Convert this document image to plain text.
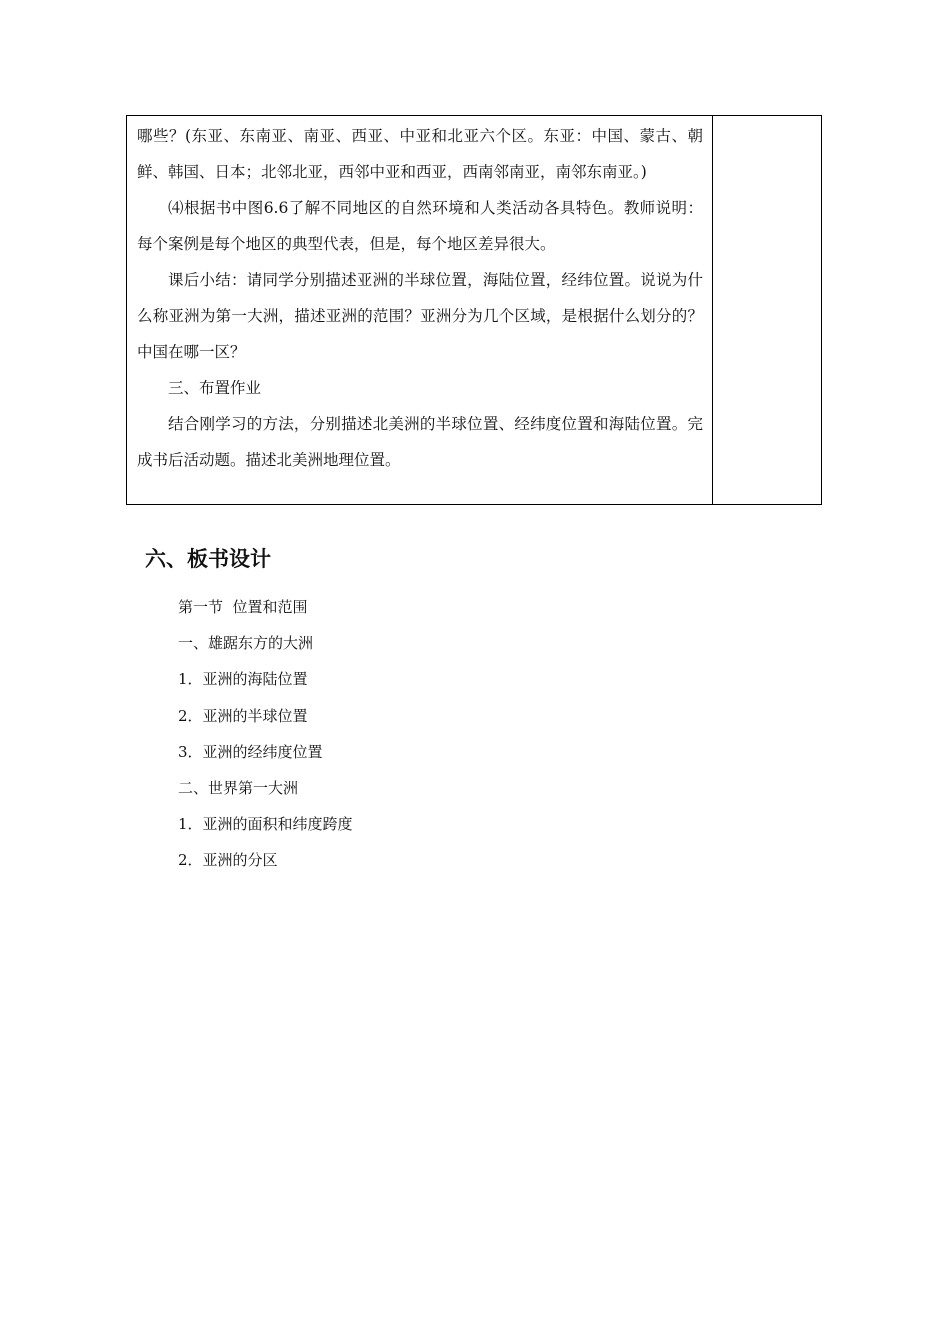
哪些？(东亚、东南亚、南亚、西亚、中亚和北亚六个区。东亚：中国、蒙古、朝鲜、韩国、日本；北邻北亚，西邻中亚和西亚，西南邻南亚，南邻东南亚。)

⑷根据书中图6.6了解不同地区的自然环境和人类活动各具特色。教师说明：每个案例是每个地区的典型代表，但是，每个地区差异很大。

课后小结：请同学分别描述亚洲的半球位置，海陆位置，经纬位置。说说为什么称亚洲为第一大洲，描述亚洲的范围？亚洲分为几个区域，是根据什么划分的？中国在哪一区？

三、布置作业

结合刚学习的方法，分别描述北美洲的半球位置、经纬度位置和海陆位置。完成书后活动题。描述北美洲地理位置。

六、板书设计
第一节  位置和范围
一、雄踞东方的大洲
1．亚洲的海陆位置
2．亚洲的半球位置
3．亚洲的经纬度位置
二、世界第一大洲
1．亚洲的面积和纬度跨度
2．亚洲的分区
